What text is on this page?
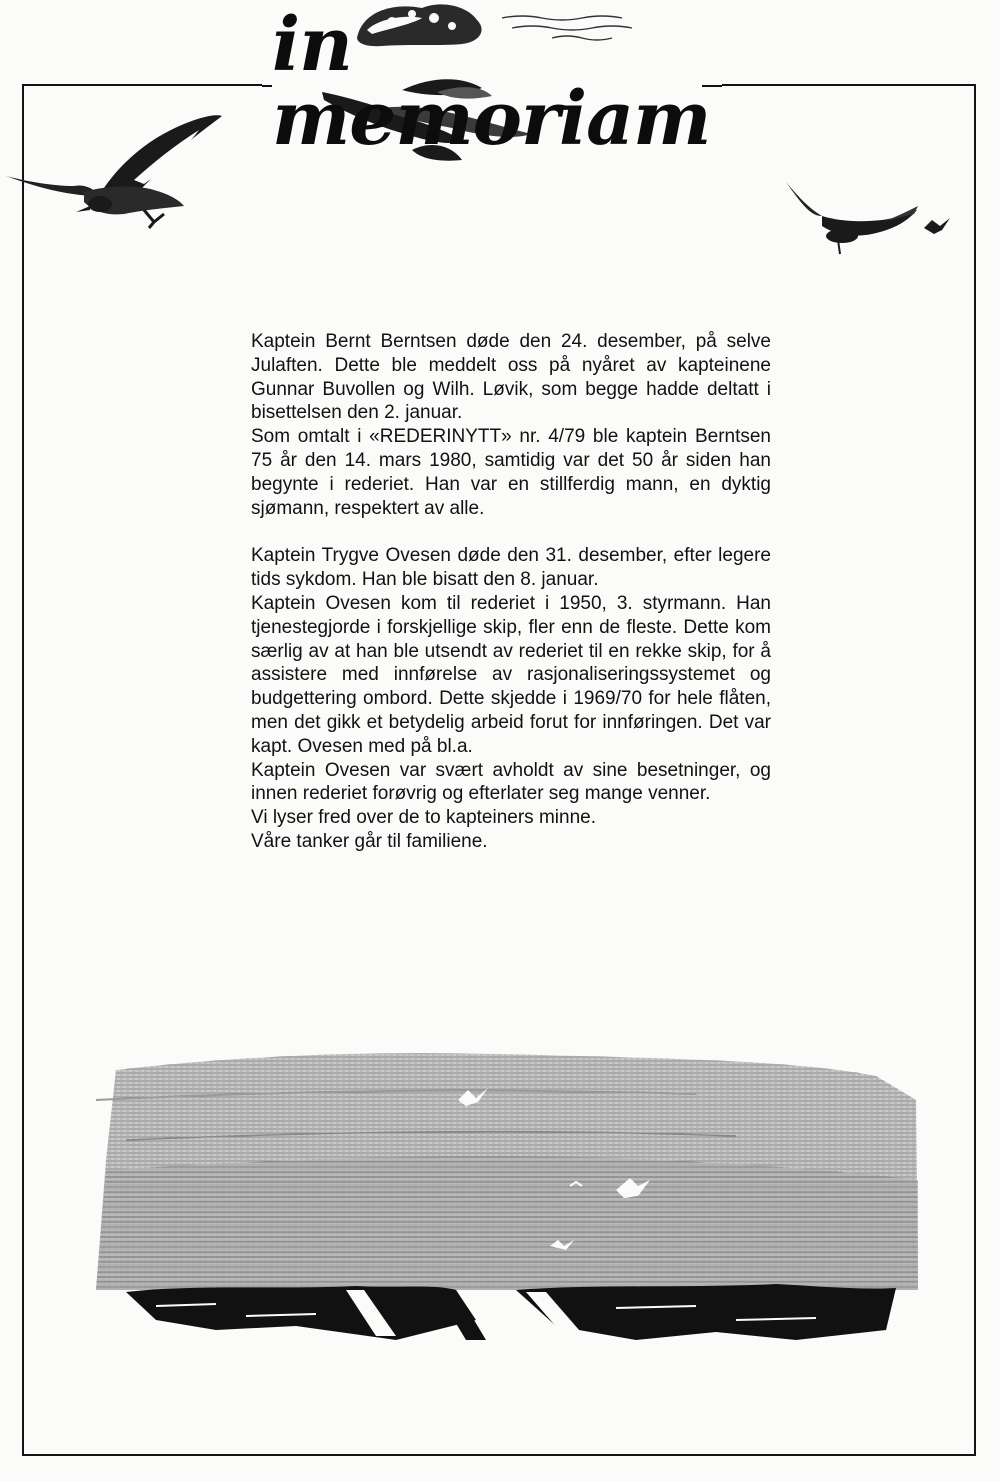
in memoriam

Kaptein Bernt Berntsen døde den 24. desember, på selve Julaften. Dette ble meddelt oss på nyåret av kapteinene Gunnar Buvollen og Wilh. Løvik, som begge hadde deltatt i bisettelsen den 2. januar.
Som omtalt i «REDERINYTT» nr. 4/79 ble kaptein Berntsen 75 år den 14. mars 1980, samtidig var det 50 år siden han begynte i rederiet. Han var en stillferdig mann, en dyktig sjømann, respektert av alle.

Kaptein Trygve Ovesen døde den 31. desember, efter legere tids sykdom. Han ble bisatt den 8. januar.
Kaptein Ovesen kom til rederiet i 1950, 3. styrmann. Han tjenestegjorde i forskjellige skip, fler enn de fleste. Dette kom særlig av at han ble utsendt av rederiet til en rekke skip, for å assistere med innførelse av rasjonaliseringssystemet og budgettering ombord. Dette skjedde i 1969/70 for hele flåten, men det gikk et betydelig arbeid forut for innføringen. Det var kapt. Ovesen med på bl.a.
Kaptein Ovesen var svært avholdt av sine besetninger, og innen rederiet forøvrig og efterlater seg mange venner.
Vi lyser fred over de to kapteiners minne.
Våre tanker går til familiene.
